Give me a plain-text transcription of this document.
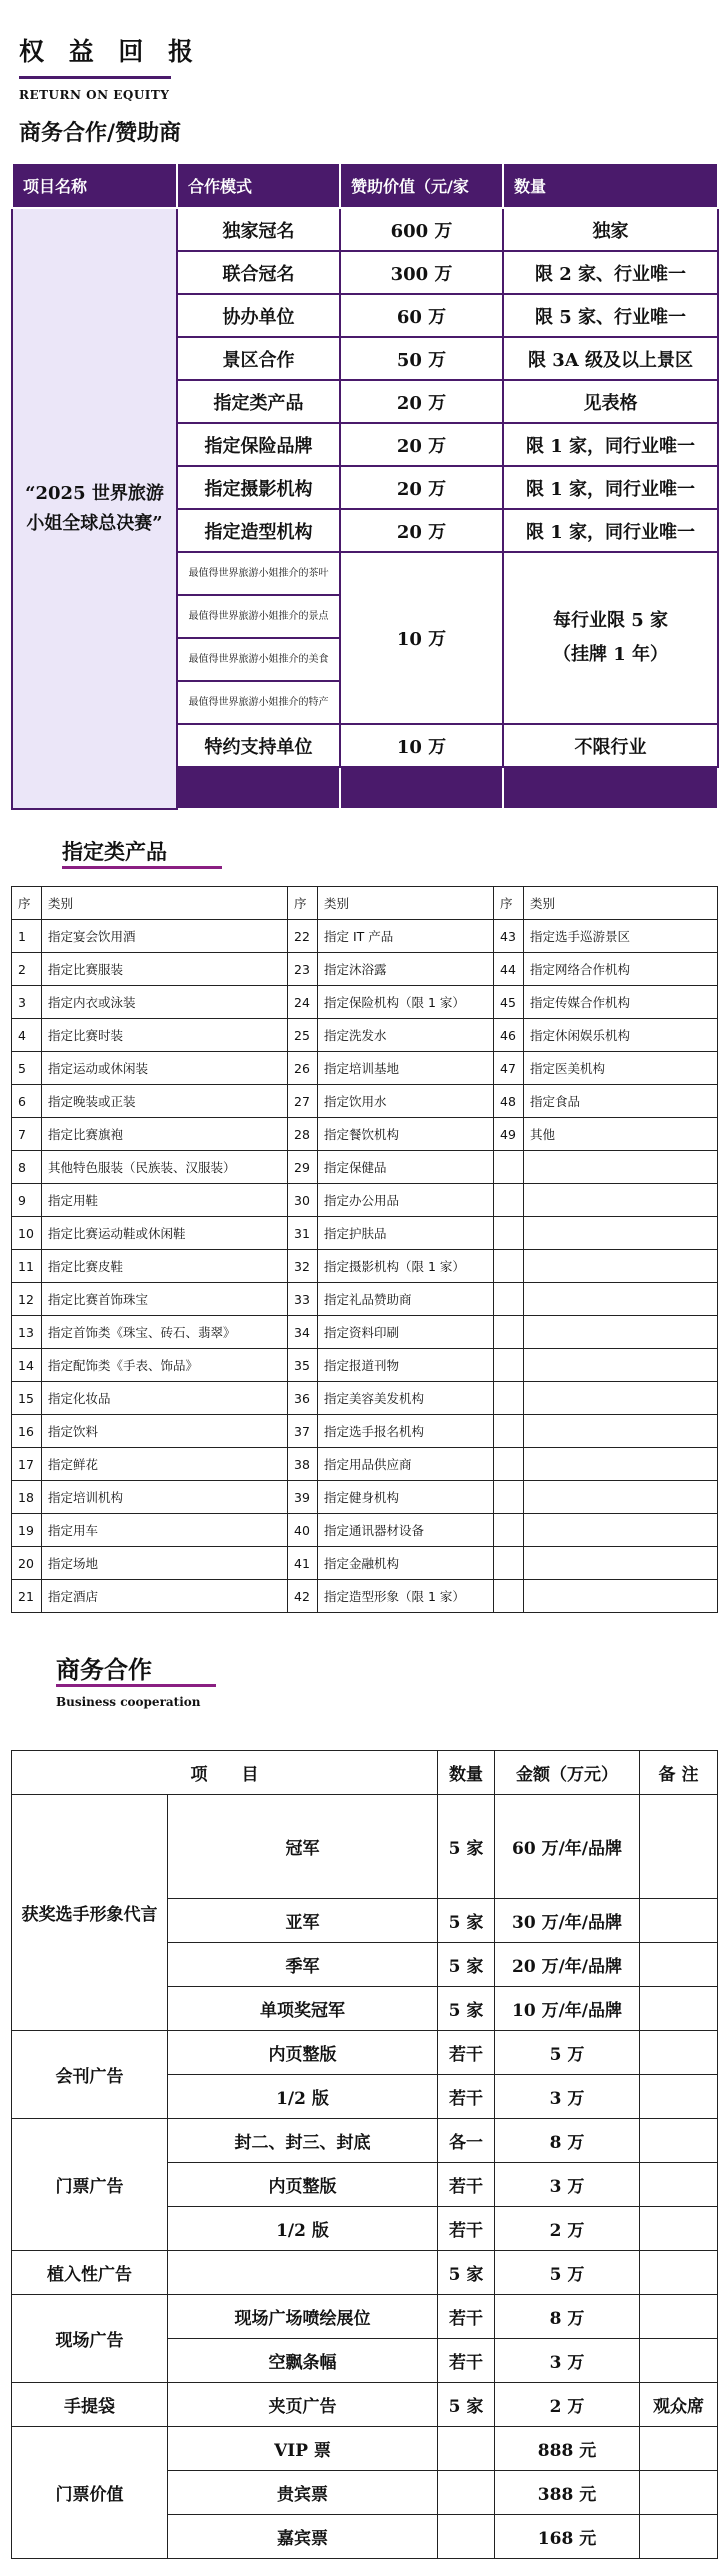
权 益 回 报
RETURN ON EQUITY
商务合作/赞助商
项目名称	合作模式	赞助价值（元/家	数量
“2025 世界旅游小姐全球总决赛”	独家冠名	600 万	独家
	联合冠名	300 万	限 2 家、行业唯一
	协办单位	60 万	限 5 家、行业唯一
	景区合作	50 万	限 3A 级及以上景区
	指定类产品	20 万	见表格
	指定保险品牌	20 万	限 1 家，同行业唯一
	指定摄影机构	20 万	限 1 家，同行业唯一
	指定造型机构	20 万	限 1 家，同行业唯一
	最值得世界旅游小姐推介的茶叶	10 万	每行业限 5 家
（挂牌 1 年）

	最值得世界旅游小姐推介的景点		
	最值得世界旅游小姐推介的美食		
	最值得世界旅游小姐推介的特产		
	特约支持单位	10 万	不限行业

指定类产品
序	类别	序	类别	序	类别
1	指定宴会饮用酒	22	指定 IT 产品	43	指定选手巡游景区
2	指定比赛服装	23	指定沐浴露	44	指定网络合作机构
3	指定内衣或泳装	24	指定保险机构（限 1 家）	45	指定传媒合作机构
4	指定比赛时装	25	指定洗发水	46	指定休闲娱乐机构
5	指定运动或休闲装	26	指定培训基地	47	指定医美机构
6	指定晚装或正装	27	指定饮用水	48	指定食品
7	指定比赛旗袍	28	指定餐饮机构	49	其他
8	其他特色服装（民族装、汉服装）	29	指定保健品		
9	指定用鞋	30	指定办公用品		
10	指定比赛运动鞋或休闲鞋	31	指定护肤品		
11	指定比赛皮鞋	32	指定摄影机构（限 1 家）		
12	指定比赛首饰珠宝	33	指定礼品赞助商		
13	指定首饰类《珠宝、砖石、翡翠》	34	指定资料印刷		
14	指定配饰类《手表、饰品》	35	指定报道刊物		
15	指定化妆品	36	指定美容美发机构		
16	指定饮料	37	指定选手报名机构		
17	指定鲜花	38	指定用品供应商		
18	指定培训机构	39	指定健身机构		
19	指定用车	40	指定通讯器材设备		
20	指定场地	41	指定金融机构		
21	指定酒店	42	指定造型形象（限 1 家）		
商务合作
Business cooperation
项　　目		数量	金额（万元）	备 注
获奖选手形象代言	冠军	5 家	60 万/年/品牌	
	亚军	5 家	30 万/年/品牌	
	季军	5 家	20 万/年/品牌	
	单项奖冠军	5 家	10 万/年/品牌	
会刊广告	内页整版	若干	5 万	
	1/2 版	若干	3 万	
门票广告	封二、封三、封底	各一	8 万	
	内页整版	若干	3 万	
	1/2 版	若干	2 万	
植入性广告		5 家	5 万	
现场广告	现场广场喷绘展位	若干	8 万	
	空飘条幅	若干	3 万	
手提袋	夹页广告	5 家	2 万	观众席
门票价值	VIP 票		888 元	
	贵宾票		388 元	
	嘉宾票		168 元	
